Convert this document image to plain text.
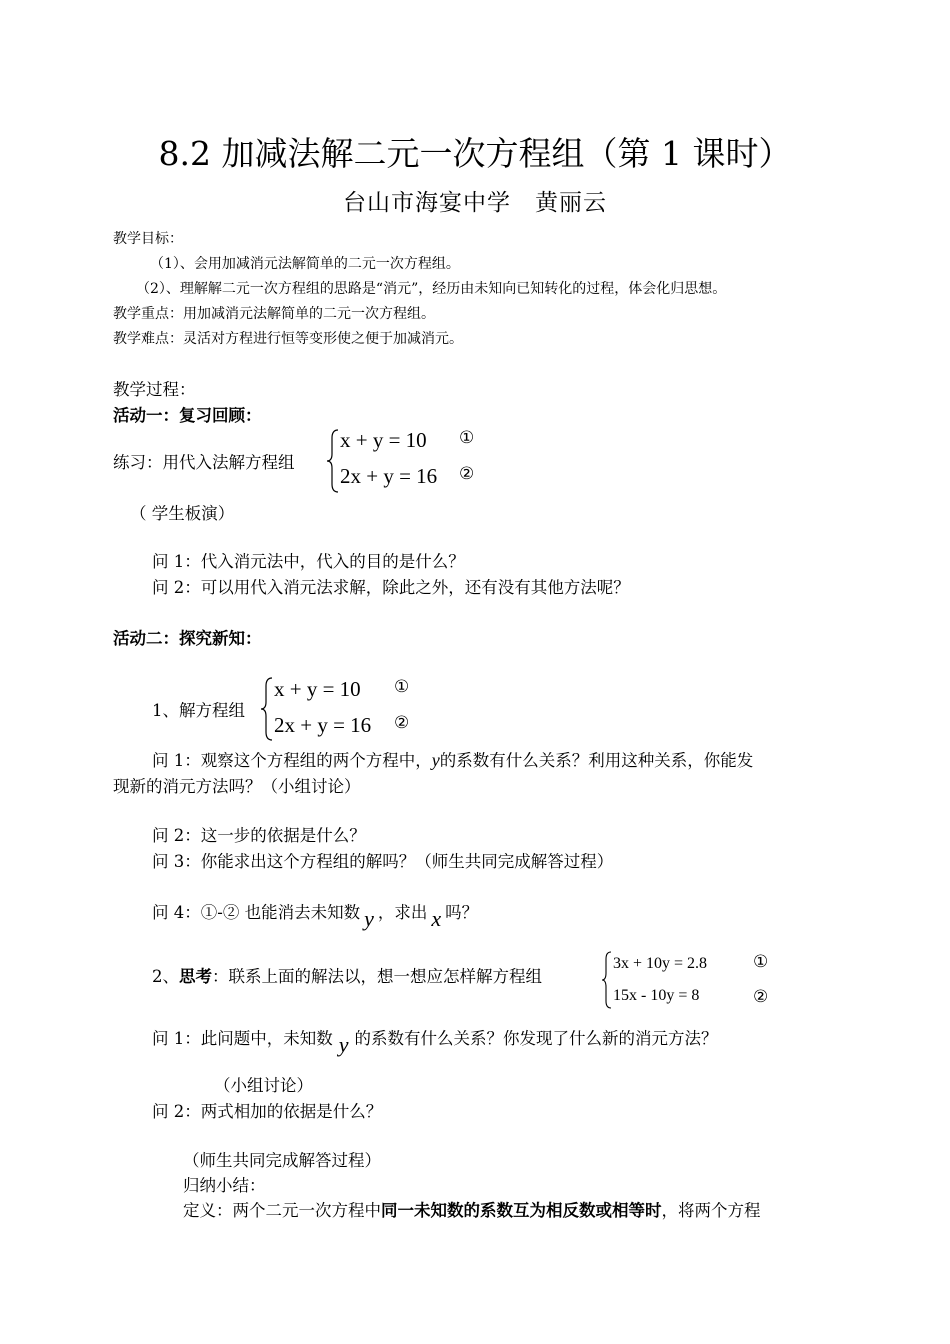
8.2 加减法解二元一次方程组（第 1 课时）
台山市海宴中学　黄丽云
教学目标：
（1）、会用加减消元法解简单的二元一次方程组。
（2）、理解解二元一次方程组的思路是“消元”，经历由未知向已知转化的过程，体会化归思想。
教学重点：用加减消元法解简单的二元一次方程组。
教学难点：灵活对方程进行恒等变形使之便于加减消元。
教学过程：
活动一：复习回顾：
练习：用代入法解方程组
x + y = 10
2x + y = 16
①
②
（ 学生板演）
问 1：代入消元法中，代入的目的是什么？
问 2：可以用代入消元法求解，除此之外，还有没有其他方法呢？
活动二：探究新知：
1、解方程组
x + y = 10
2x + y = 16
①
②
问 1：观察这个方程组的两个方程中，y的系数有什么关系？利用这种关系，你能发
现新的消元方法吗？（小组讨论）
问 2：这一步的依据是什么？
问 3：你能求出这个方程组的解吗？（师生共同完成解答过程）
问 4：①-② 也能消去未知数 y ，求出 x 吗？
2、思考：联系上面的解法以，想一想应怎样解方程组
3x + 10y = 2.8
15x - 10y = 8
①
②
问 1：此问题中，未知数 y 的系数有什么关系？你发现了什么新的消元方法？
（小组讨论）
问 2：两式相加的依据是什么？
（师生共同完成解答过程）
归纳小结：
定义：两个二元一次方程中同一未知数的系数互为相反数或相等时，将两个方程
